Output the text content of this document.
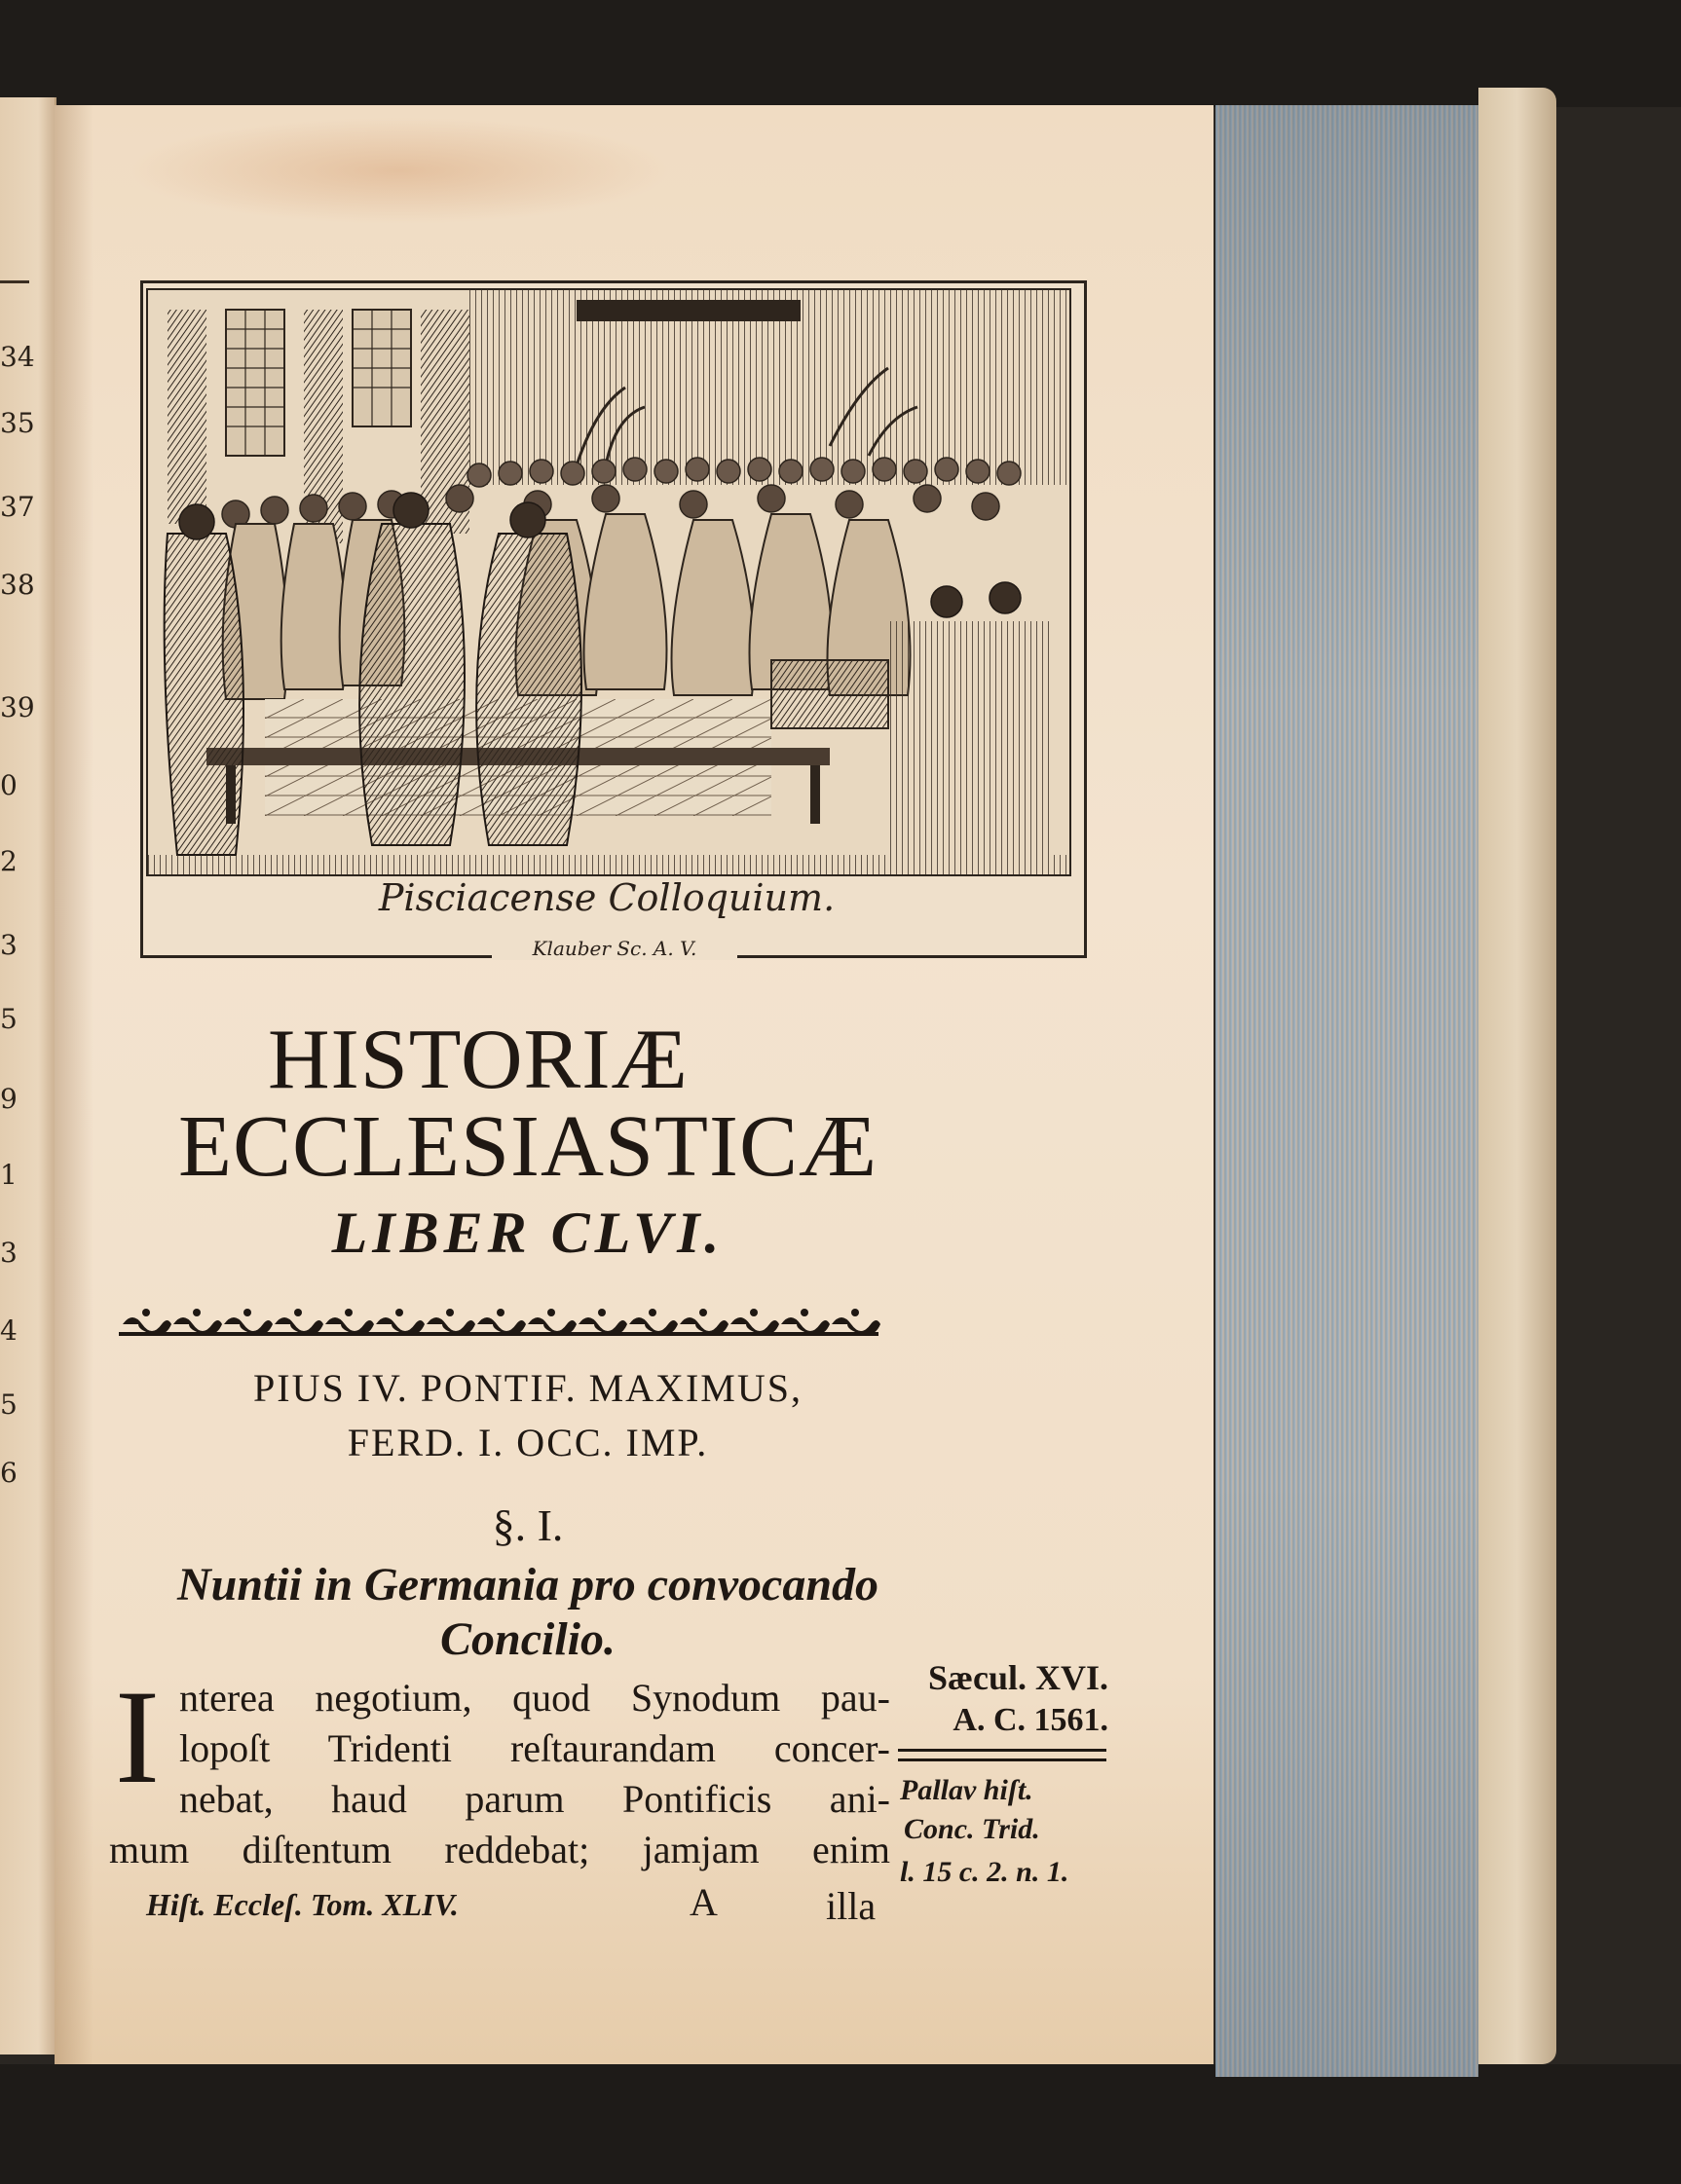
34
35
37
38
39
0
2
3
5
9
1
3
4
5
6
Pisciacense Colloquium.
Klauber Sc. A. V.
HISTORIÆ
ECCLESIASTICÆ
LIBER CLVI.
PIUS IV. PONTIF. MAXIMUS,
FERD. I. OCC. IMP.
§. I.
Nuntii in Germania pro convocando
Concilio.
I nterea negotium, quod Synodum pau-
lopoſt Tridenti reſtaurandam concer-
nebat, haud parum Pontificis ani-
mum diſtentum reddebat; jamjam enim
Hiſt. Eccleſ. Tom. XLIV.	A	illa
Sæcul. XVI.
A. C. 1561.
Pallav hiſt.
Conc. Trid.
l. 15 c. 2. n. 1.
